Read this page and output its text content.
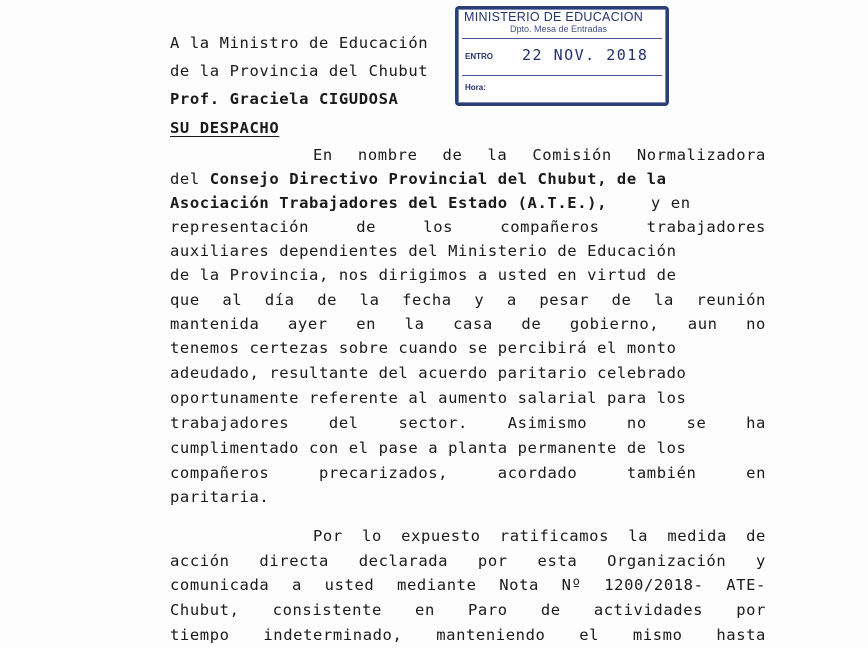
MINISTERIO DE EDUCACION
Dpto. Mesa de Entradas
ENTRO 22 NOV. 2018
Hora:
A la Ministro de Educación
de la Provincia del Chubut
Prof. Graciela CIGUDOSA
SU DESPACHO
En nombre de la Comisión Normalizadora
del Consejo Directivo Provincial del Chubut, de la
Asociación Trabajadores del Estado (A.T.E.), y en
representación de los compañeros trabajadores
auxiliares dependientes del Ministerio de Educación
de la Provincia, nos dirigimos a usted en virtud de
que al día de la fecha y a pesar de la reunión
mantenida ayer en la casa de gobierno, aun no
tenemos certezas sobre cuando se percibirá el monto
adeudado, resultante del acuerdo paritario celebrado
oportunamente referente al aumento salarial para los
trabajadores del sector. Asimismo no se ha
cumplimentado con el pase a planta permanente de los
compañeros precarizados, acordado también en
paritaria.
Por lo expuesto ratificamos la medida de
acción directa declarada por esta Organización y
comunicada a usted mediante Nota Nº 1200/2018- ATE-
Chubut, consistente en Paro de actividades por
tiempo indeterminado, manteniendo el mismo hasta
